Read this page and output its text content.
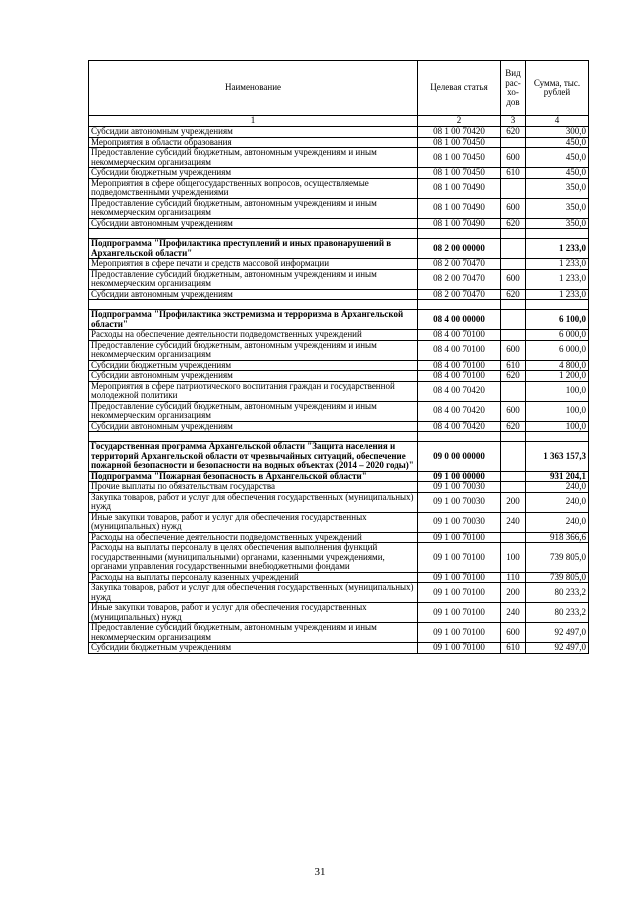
Наименование	Целевая статья	Вид рас- хо- дов	Сумма, тыс. рублей
1	2	3	4
Субсидии автономным учреждениям	08 1 00 70420	620	300,0
Мероприятия в области образования	08 1 00 70450		450,0
Предоставление субсидий бюджетным, автономным учреждениям и иным некоммерческим организациям	08 1 00 70450	600	450,0
Субсидии бюджетным учреждениям	08 1 00 70450	610	450,0
Мероприятия в сфере общегосударственных вопросов, осуществляемые подведомственными учреждениями	08 1 00 70490		350,0
Предоставление субсидий бюджетным, автономным учреждениям и иным некоммерческим организациям	08 1 00 70490	600	350,0
Субсидии автономным учреждениям	08 1 00 70490	620	350,0

Подпрограмма "Профилактика преступлений и иных правонарушений в Архангельской области"	08 2 00 00000		1 233,0
Мероприятия в сфере печати и средств массовой информации	08 2 00 70470		1 233,0
Предоставление субсидий бюджетным, автономным учреждениям и иным некоммерческим организациям	08 2 00 70470	600	1 233,0
Субсидии автономным учреждениям	08 2 00 70470	620	1 233,0

Подпрограмма "Профилактика экстремизма и терроризма в Архангельской области"	08 4 00 00000		6 100,0
Расходы на обеспечение деятельности подведомственных учреждений	08 4 00 70100		6 000,0
Предоставление субсидий бюджетным, автономным учреждениям и иным некоммерческим организациям	08 4 00 70100	600	6 000,0
Субсидии бюджетным учреждениям	08 4 00 70100	610	4 800,0
Субсидии автономным учреждениям	08 4 00 70100	620	1 200,0
Мероприятия в сфере патриотического воспитания граждан и государственной молодежной политики	08 4 00 70420		100,0
Предоставление субсидий бюджетным, автономным учреждениям и иным некоммерческим организациям	08 4 00 70420	600	100,0
Субсидии автономным учреждениям	08 4 00 70420	620	100,0

Государственная программа Архангельской области "Защита населения и территорий Архангельской области от чрезвычайных ситуаций, обеспечение пожарной безопасности и безопасности на водных объектах (2014 – 2020 годы)"	09 0 00 00000		1 363 157,3
Подпрограмма "Пожарная безопасность в Архангельской области"	09 1 00 00000		931 204,1
Прочие выплаты по обязательствам государства	09 1 00 70030		240,0
Закупка товаров, работ и услуг для обеспечения государственных (муниципальных) нужд	09 1 00 70030	200	240,0
Иные закупки товаров, работ и услуг для обеспечения государственных (муниципальных) нужд	09 1 00 70030	240	240,0
Расходы на обеспечение деятельности подведомственных учреждений	09 1 00 70100		918 366,6
Расходы на выплаты персоналу в целях обеспечения выполнения функций государственными (муниципальными) органами, казенными учреждениями, органами управления государственными внебюджетными фондами	09 1 00 70100	100	739 805,0
Расходы на выплаты персоналу казенных учреждений	09 1 00 70100	110	739 805,0
Закупка товаров, работ и услуг для обеспечения государственных (муниципальных) нужд	09 1 00 70100	200	80 233,2
Иные закупки товаров, работ и услуг для обеспечения государственных (муниципальных) нужд	09 1 00 70100	240	80 233,2
Предоставление субсидий бюджетным, автономным учреждениям и иным некоммерческим организациям	09 1 00 70100	600	92 497,0
Субсидии бюджетным учреждениям	09 1 00 70100	610	92 497,0
31
